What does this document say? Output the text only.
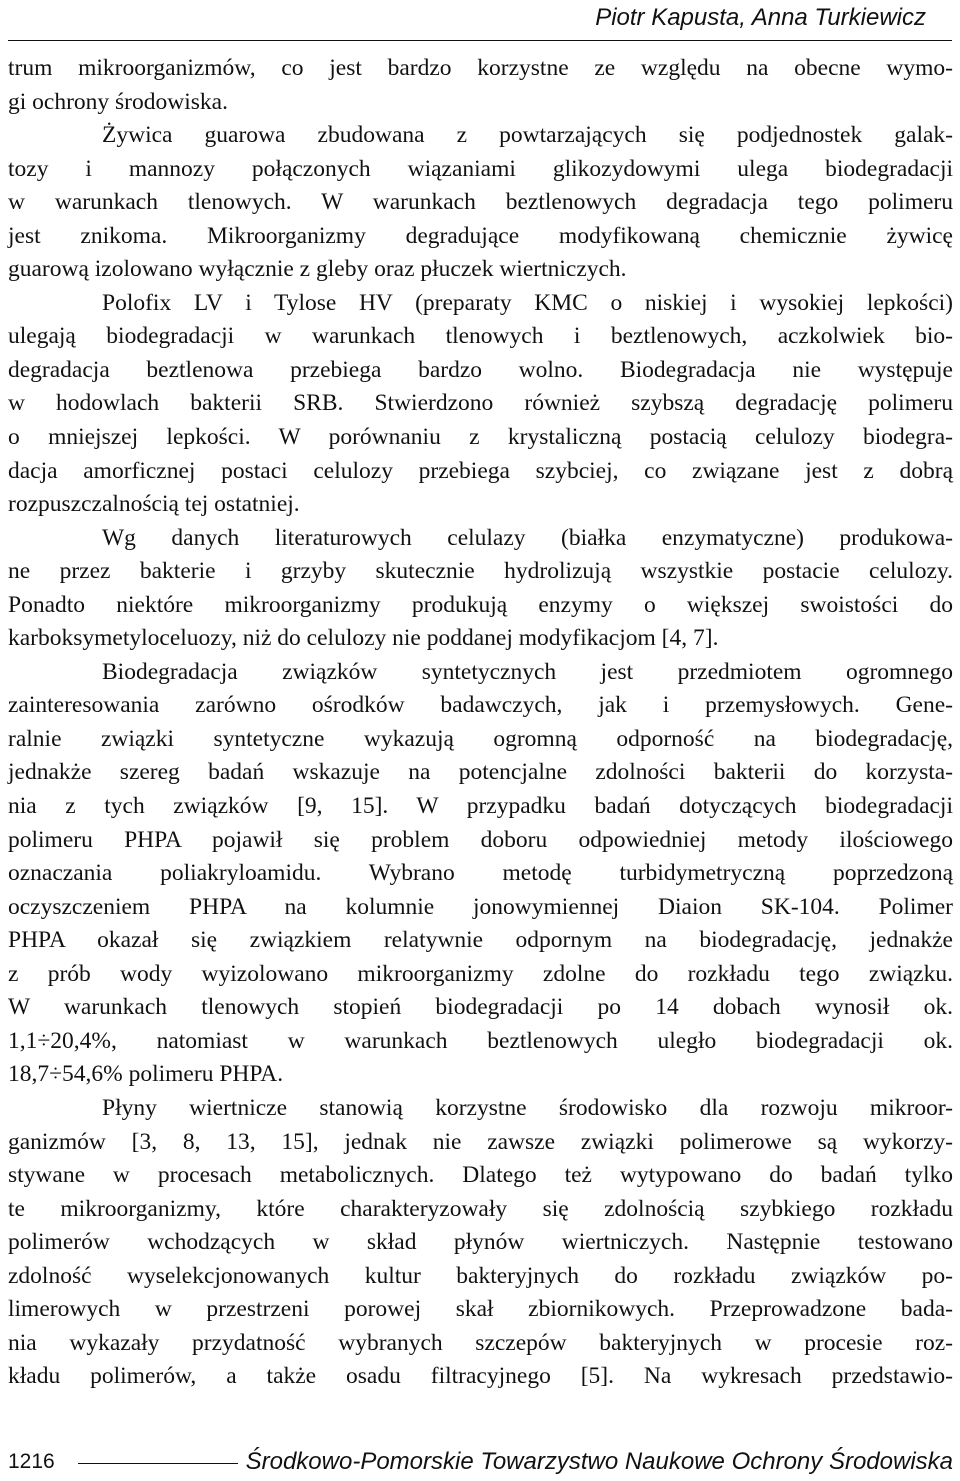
Piotr Kapusta, Anna Turkiewicz
trum mikroorganizmów, co jest bardzo korzystne ze względu na obecne wymo-
gi ochrony środowiska.
Żywica guarowa zbudowana z powtarzających się podjednostek galak-
tozy i mannozy połączonych wiązaniami glikozydowymi ulega biodegradacji
w warunkach tlenowych. W warunkach beztlenowych degradacja tego polimeru
jest znikoma. Mikroorganizmy degradujące modyfikowaną chemicznie żywicę
guarową izolowano wyłącznie z gleby oraz płuczek wiertniczych.
Polofix LV i Tylose HV (preparaty KMC o niskiej i wysokiej lepkości)
ulegają biodegradacji w warunkach tlenowych i beztlenowych, aczkolwiek bio-
degradacja beztlenowa przebiega bardzo wolno. Biodegradacja nie występuje
w hodowlach bakterii SRB. Stwierdzono również szybszą degradację polimeru
o mniejszej lepkości. W porównaniu z krystaliczną postacią celulozy biodegra-
dacja amorficznej postaci celulozy przebiega szybciej, co związane jest z dobrą
rozpuszczalnością tej ostatniej.
Wg danych literaturowych celulazy (białka enzymatyczne) produkowa-
ne przez bakterie i grzyby skutecznie hydrolizują wszystkie postacie celulozy.
Ponadto niektóre mikroorganizmy produkują enzymy o większej swoistości do
karboksymetyloceluozy, niż do celulozy nie poddanej modyfikacjom [4, 7].
Biodegradacja związków syntetycznych jest przedmiotem ogromnego
zainteresowania zarówno ośrodków badawczych, jak i przemysłowych. Gene-
ralnie związki syntetyczne wykazują ogromną odporność na biodegradację,
jednakże szereg badań wskazuje na potencjalne zdolności bakterii do korzysta-
nia z tych związków [9, 15]. W przypadku badań dotyczących biodegradacji
polimeru PHPA pojawił się problem doboru odpowiedniej metody ilościowego
oznaczania poliakryloamidu. Wybrano metodę turbidymetryczną poprzedzoną
oczyszczeniem PHPA na kolumnie jonowymiennej Diaion SK-104. Polimer
PHPA okazał się związkiem relatywnie odpornym na biodegradację, jednakże
z prób wody wyizolowano mikroorganizmy zdolne do rozkładu tego związku.
W warunkach tlenowych stopień biodegradacji po 14 dobach wynosił ok.
1,1÷20,4%, natomiast w warunkach beztlenowych uległo biodegradacji ok.
18,7÷54,6% polimeru PHPA.
Płyny wiertnicze stanowią korzystne środowisko dla rozwoju mikroor-
ganizmów [3, 8, 13, 15], jednak nie zawsze związki polimerowe są wykorzy-
stywane w procesach metabolicznych. Dlatego też wytypowano do badań tylko
te mikroorganizmy, które charakteryzowały się zdolnością szybkiego rozkładu
polimerów wchodzących w skład płynów wiertniczych. Następnie testowano
zdolność wyselekcjonowanych kultur bakteryjnych do rozkładu związków po-
limerowych w przestrzeni porowej skał zbiornikowych. Przeprowadzone bada-
nia wykazały przydatność wybranych szczepów bakteryjnych w procesie roz-
kładu polimerów, a także osadu filtracyjnego [5]. Na wykresach przedstawio-
1216	Środkowo-Pomorskie Towarzystwo Naukowe Ochrony Środowiska
